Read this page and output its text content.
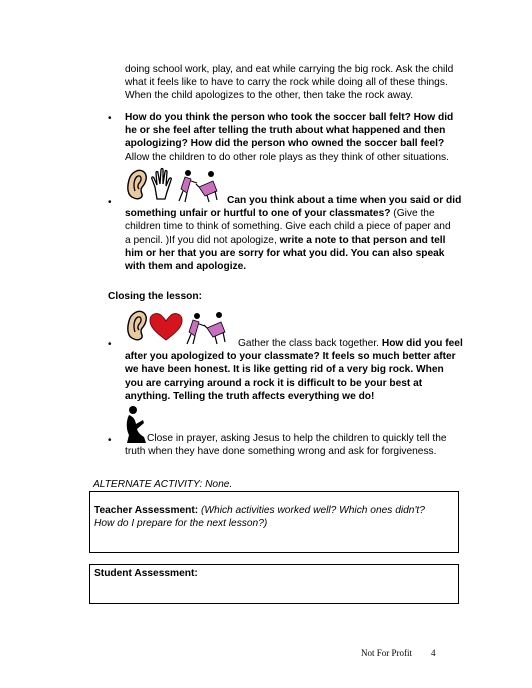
doing school work, play, and eat while carrying the big rock. Ask the child

what it feels like to have to carry the rock while doing all of these things.

When the child apologizes to the other, then take the rock away.

• How do you think the person who took the soccer ball felt? How did

he or she feel after telling the truth about what happened and then

apologizing? How did the person who owned the soccer ball feel?

Allow the children to do other role plays as they think of other situations.

•	Can you think about a time when you said or did

something unfair or hurtful to one of your classmates? (Give the

children time to think of something. Give each child a piece of paper and

a pencil. )If you did not apologize, write a note to that person and tell

him or her that you are sorry for what you did. You can also speak

with them and apologize.

Closing the lesson:
•	Gather the class back together. How did you feel

after you apologized to your classmate? It feels so much better after

we have been honest. It is like getting rid of a very big rock. When

you are carrying around a rock it is difficult to be your best at

anything. Telling the truth affects everything we do!

•	Close in prayer, asking Jesus to help the children to quickly tell the

truth when they have done something wrong and ask for forgiveness.

ALTERNATE ACTIVITY: None.

Teacher Assessment: (Which activities worked well? Which ones didn't?

How do I prepare for the next lesson?)

Student Assessment:
Not For Profit 4
